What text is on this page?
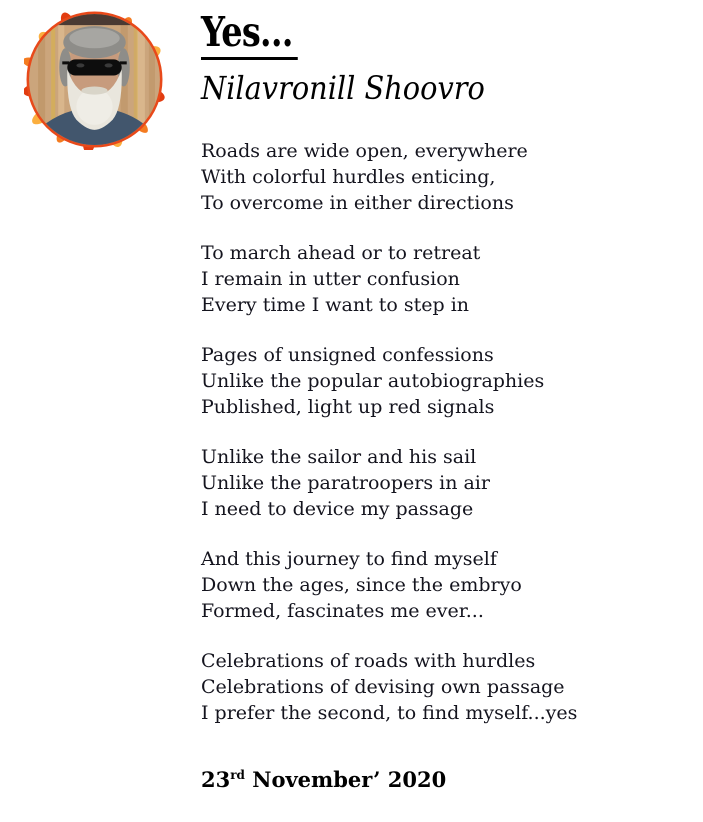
Yes...
Nilavronill Shoovro

Roads are wide open, everywhere
With colorful hurdles enticing,
To overcome in either directions

To march ahead or to retreat
I remain in utter confusion
Every time I want to step in

Pages of unsigned confessions
Unlike the popular autobiographies
Published, light up red signals

Unlike the sailor and his sail
Unlike the paratroopers in air
I need to device my passage

And this journey to find myself
Down the ages, since the embryo
Formed, fascinates me ever...

Celebrations of roads with hurdles
Celebrations of devising own passage
I prefer the second, to find myself...yes

23rd November’ 2020
